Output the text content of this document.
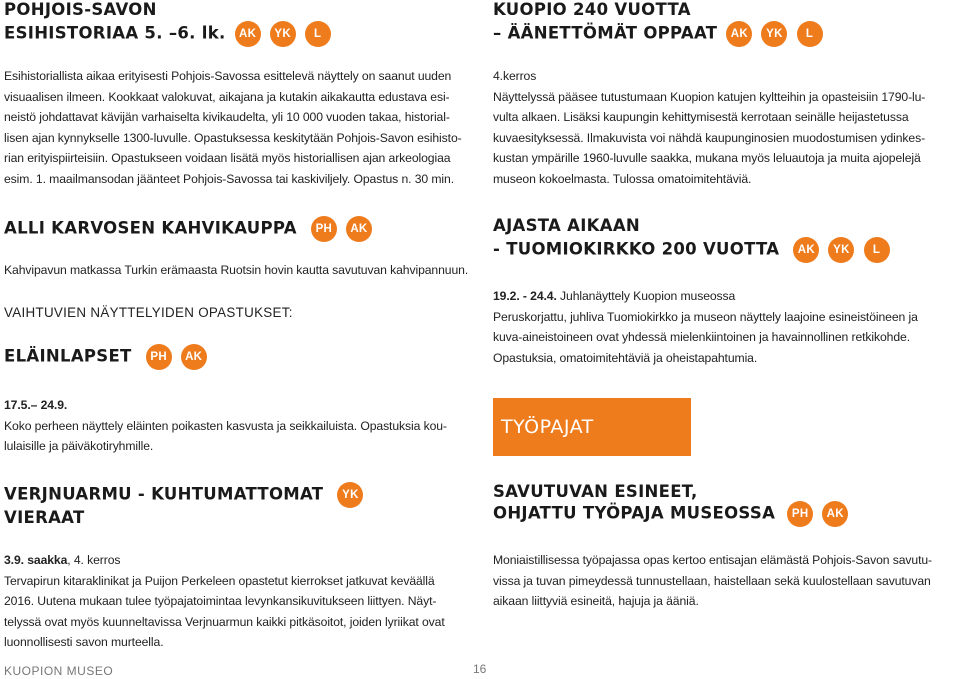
POHJOIS-SAVON
ESIHISTORIAA 5. –6. lk. AK YK L

Esihistoriallista aikaa erityisesti Pohjois-Savossa esittelevä näyttely on saanut uuden

visuaalisen ilmeen. Kookkaat valokuvat, aikajana ja kutakin aikakautta edustava esi-

neistö johdattavat kävijän varhaiselta kivikaudelta, yli 10 000 vuoden takaa, historial-

lisen ajan kynnykselle 1300-luvulle. Opastuksessa keskitytään Pohjois-Savon esihisto-

rian erityispiirteisiin. Opastukseen voidaan lisätä myös historiallisen ajan arkeologiaa

esim. 1. maailmansodan jäänteet Pohjois-Savossa tai kaskiviljely. Opastus n. 30 min.

ALLI KARVOSEN KAHVIKAUPPA PH AK

Kahvipavun matkassa Turkin erämaasta Ruotsin hovin kautta savutuvan kahvipannuun.

VAIHTUVIEN NÄYTTELYIDEN OPASTUKSET:

ELÄINLAPSET PH AK

17.5.– 24.9.

Koko perheen näyttely eläinten poikasten kasvusta ja seikkailuista. Opastuksia kou-

lulaisille ja päiväkotiryhmille.

VERJNUARMU - KUHTUMATTOMAT YK
VIERAAT

3.9. saakka, 4. kerros

Tervapirun kitaraklinikat ja Puijon Perkeleen opastetut kierrokset jatkuvat keväällä

2016. Uutena mukaan tulee työpajatoimintaa levynkansikuvitukseen liittyen. Näyt-

telyssä ovat myös kuunneltavissa Verjnuarmun kaikki pitkäsoitot, joiden lyriikat ovat

luonnollisesti savon murteella.

KUOPIO 240 VUOTTA
– ÄÄNETTÖMÄT OPPAAT AK YK L

4.kerros

Näyttelyssä pääsee tutustumaan Kuopion katujen kyltteihin ja opasteisiin 1790-lu-

vulta alkaen. Lisäksi kaupungin kehittymisestä kerrotaan seinälle heijastetussa

kuvaesityksessä. Ilmakuvista voi nähdä kaupunginosien muodostumisen ydinkes-

kustan ympärille 1960-luvulle saakka, mukana myös leluautoja ja muita ajopelejä

museon kokoelmasta. Tulossa omatoimitehtäviä.

AJASTA AIKAAN
- TUOMIOKIRKKO 200 VUOTTA AK YK L

19.2. - 24.4. Juhlanäyttely Kuopion museossa

Peruskorjattu, juhliva Tuomiokirkko ja museon näyttely laajoine esineistöineen ja

kuva-aineistoineen ovat yhdessä mielenkiintoinen ja havainnollinen retkikohde.

Opastuksia, omatoimitehtäviä ja oheistapahtumia.

TYÖPAJAT
SAVUTUVAN ESINEET,
OHJATTU TYÖPAJA MUSEOSSA PH AK

Moniaistillisessa työpajassa opas kertoo entisajan elämästä Pohjois-Savon savutu-

vissa ja tuvan pimeydessä tunnustellaan, haistellaan sekä kuulostellaan savutuvan

aikaan liittyviä esineitä, hajuja ja ääniä.

KUOPION MUSEO	16
